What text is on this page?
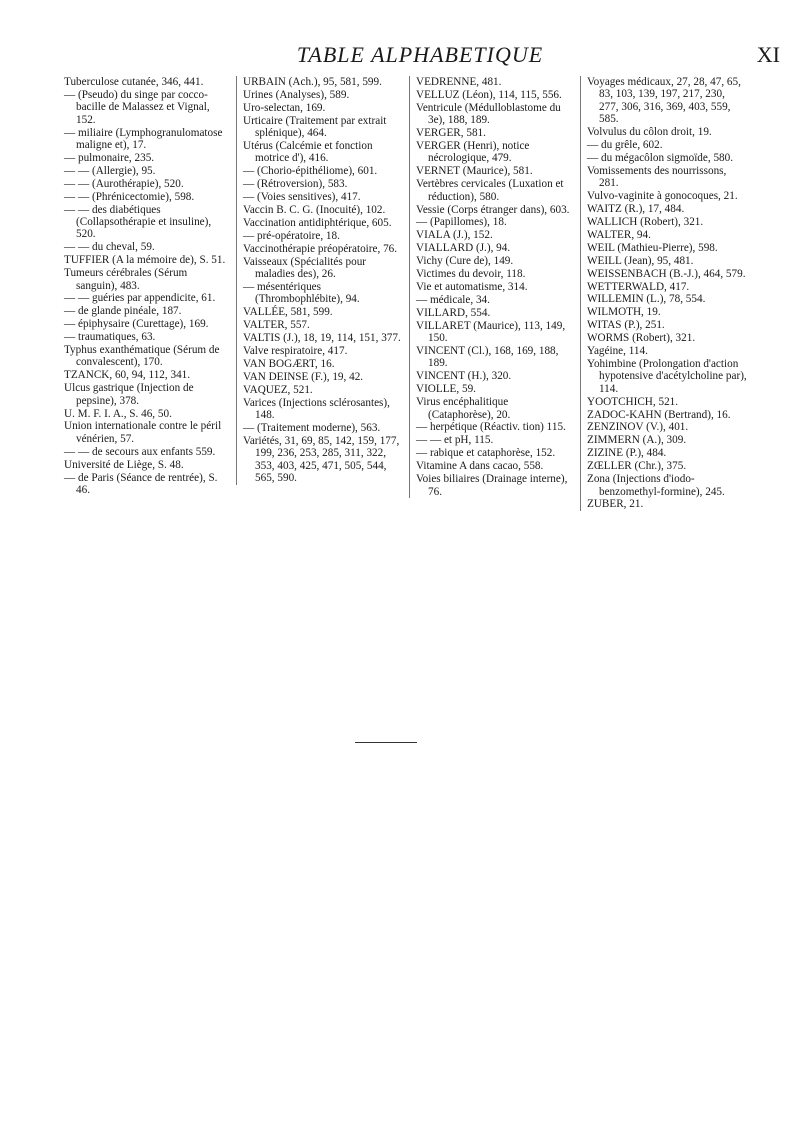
TABLE ALPHABETIQUE	XI
Tuberculose cutanée, 346, 441.
— (Pseudo) du singe par cocco-bacille de Malassez et Vignal, 152.
— miliaire (Lymphogranulomatose maligne et), 17.
— pulmonaire, 235.
— — (Allergie), 95.
— — (Aurothérapie), 520.
— — (Phrénicectomie), 598.
— — des diabétiques (Collapsothérapie et insuline), 520.
— — du cheval, 59.
TUFFIER (A la mémoire de), S. 51.
Tumeurs cérébrales (Sérum sanguin), 483.
— — guéries par appendicite, 61.
— de glande pinéale, 187.
— épiphysaire (Curettage), 169.
— traumatiques, 63.
Typhus exanthématique (Sérum de convalescent), 170.
TZANCK, 60, 94, 112, 341.
Ulcus gastrique (Injection de pepsine), 378.
U. M. F. I. A., S. 46, 50.
Union internationale contre le péril vénérien, 57.
— — de secours aux enfants 559.
Université de Liège, S. 48.
— de Paris (Séance de rentrée), S. 46.
URBAIN (Ach.), 95, 581, 599.
Urines (Analyses), 589.
Uro-selectan, 169.
Urticaire (Traitement par extrait splénique), 464.
Utérus (Calcémie et fonction motrice d'), 416.
— (Chorio-épithéliome), 601.
— (Rétroversion), 583.
— (Voies sensitives), 417.
Vaccin B. C. G. (Inocuité), 102.
Vaccination antidiphtérique, 605.
— pré-opératoire, 18.
Vaccinothérapie préopératoire, 76.
Vaisseaux (Spécialités pour maladies des), 26.
— mésentériques (Thrombophlébite), 94.
VALLÉE, 581, 599.
VALTER, 557.
VALTIS (J.), 18, 19, 114, 151, 377.
Valve respiratoire, 417.
VAN BOGÆRT, 16.
VAN DEINSE (F.), 19, 42.
VAQUEZ, 521.
Varices (Injections sclérosantes), 148.
— (Traitement moderne), 563.
Variétés, 31, 69, 85, 142, 159, 177, 199, 236, 253, 285, 311, 322, 353, 403, 425, 471, 505, 544, 565, 590.
VEDRENNE, 481.
VELLUZ (Léon), 114, 115, 556.
Ventricule (Médulloblastome du 3e), 188, 189.
VERGER, 581.
VERGER (Henri), notice nécrologique, 479.
VERNET (Maurice), 581.
Vertèbres cervicales (Luxation et réduction), 580.
Vessie (Corps étranger dans), 603.
— (Papillomes), 18.
VIALA (J.), 152.
VIALLARD (J.), 94.
Vichy (Cure de), 149.
Victimes du devoir, 118.
Vie et automatisme, 314.
— médicale, 34.
VILLARD, 554.
VILLARET (Maurice), 113, 149, 150.
VINCENT (Cl.), 168, 169, 188, 189.
VINCENT (H.), 320.
VIOLLE, 59.
Virus encéphalitique (Cataphorèse), 20.
— herpétique (Réactiv. tion) 115.
— — et pH, 115.
— rabique et cataphorèse, 152.
Vitamine A dans cacao, 558.
Voies biliaires (Drainage interne), 76.
Voyages médicaux, 27, 28, 47, 65, 83, 103, 139, 197, 217, 230, 277, 306, 316, 369, 403, 559, 585.
Volvulus du côlon droit, 19.
— du grêle, 602.
— du mégacôlon sigmoïde, 580.
Vomissements des nourrissons, 281.
Vulvo-vaginite à gonocoques, 21.
WAITZ (R.), 17, 484.
WALLICH (Robert), 321.
WALTER, 94.
WEIL (Mathieu-Pierre), 598.
WEILL (Jean), 95, 481.
WEISSENBACH (B.-J.), 464, 579.
WETTERWALD, 417.
WILLEMIN (L.), 78, 554.
WILMOTH, 19.
WITAS (P.), 251.
WORMS (Robert), 321.
Yagéine, 114.
Yohimbine (Prolongation d'action hypotensive d'acétylcholine par), 114.
YOOTCHICH, 521.
ZADOC-KAHN (Bertrand), 16.
ZENZINOV (V.), 401.
ZIMMERN (A.), 309.
ZIZINE (P.), 484.
ZŒLLER (Chr.), 375.
Zona (Injections d'iodo-benzomethyl-formine), 245.
ZUBER, 21.
